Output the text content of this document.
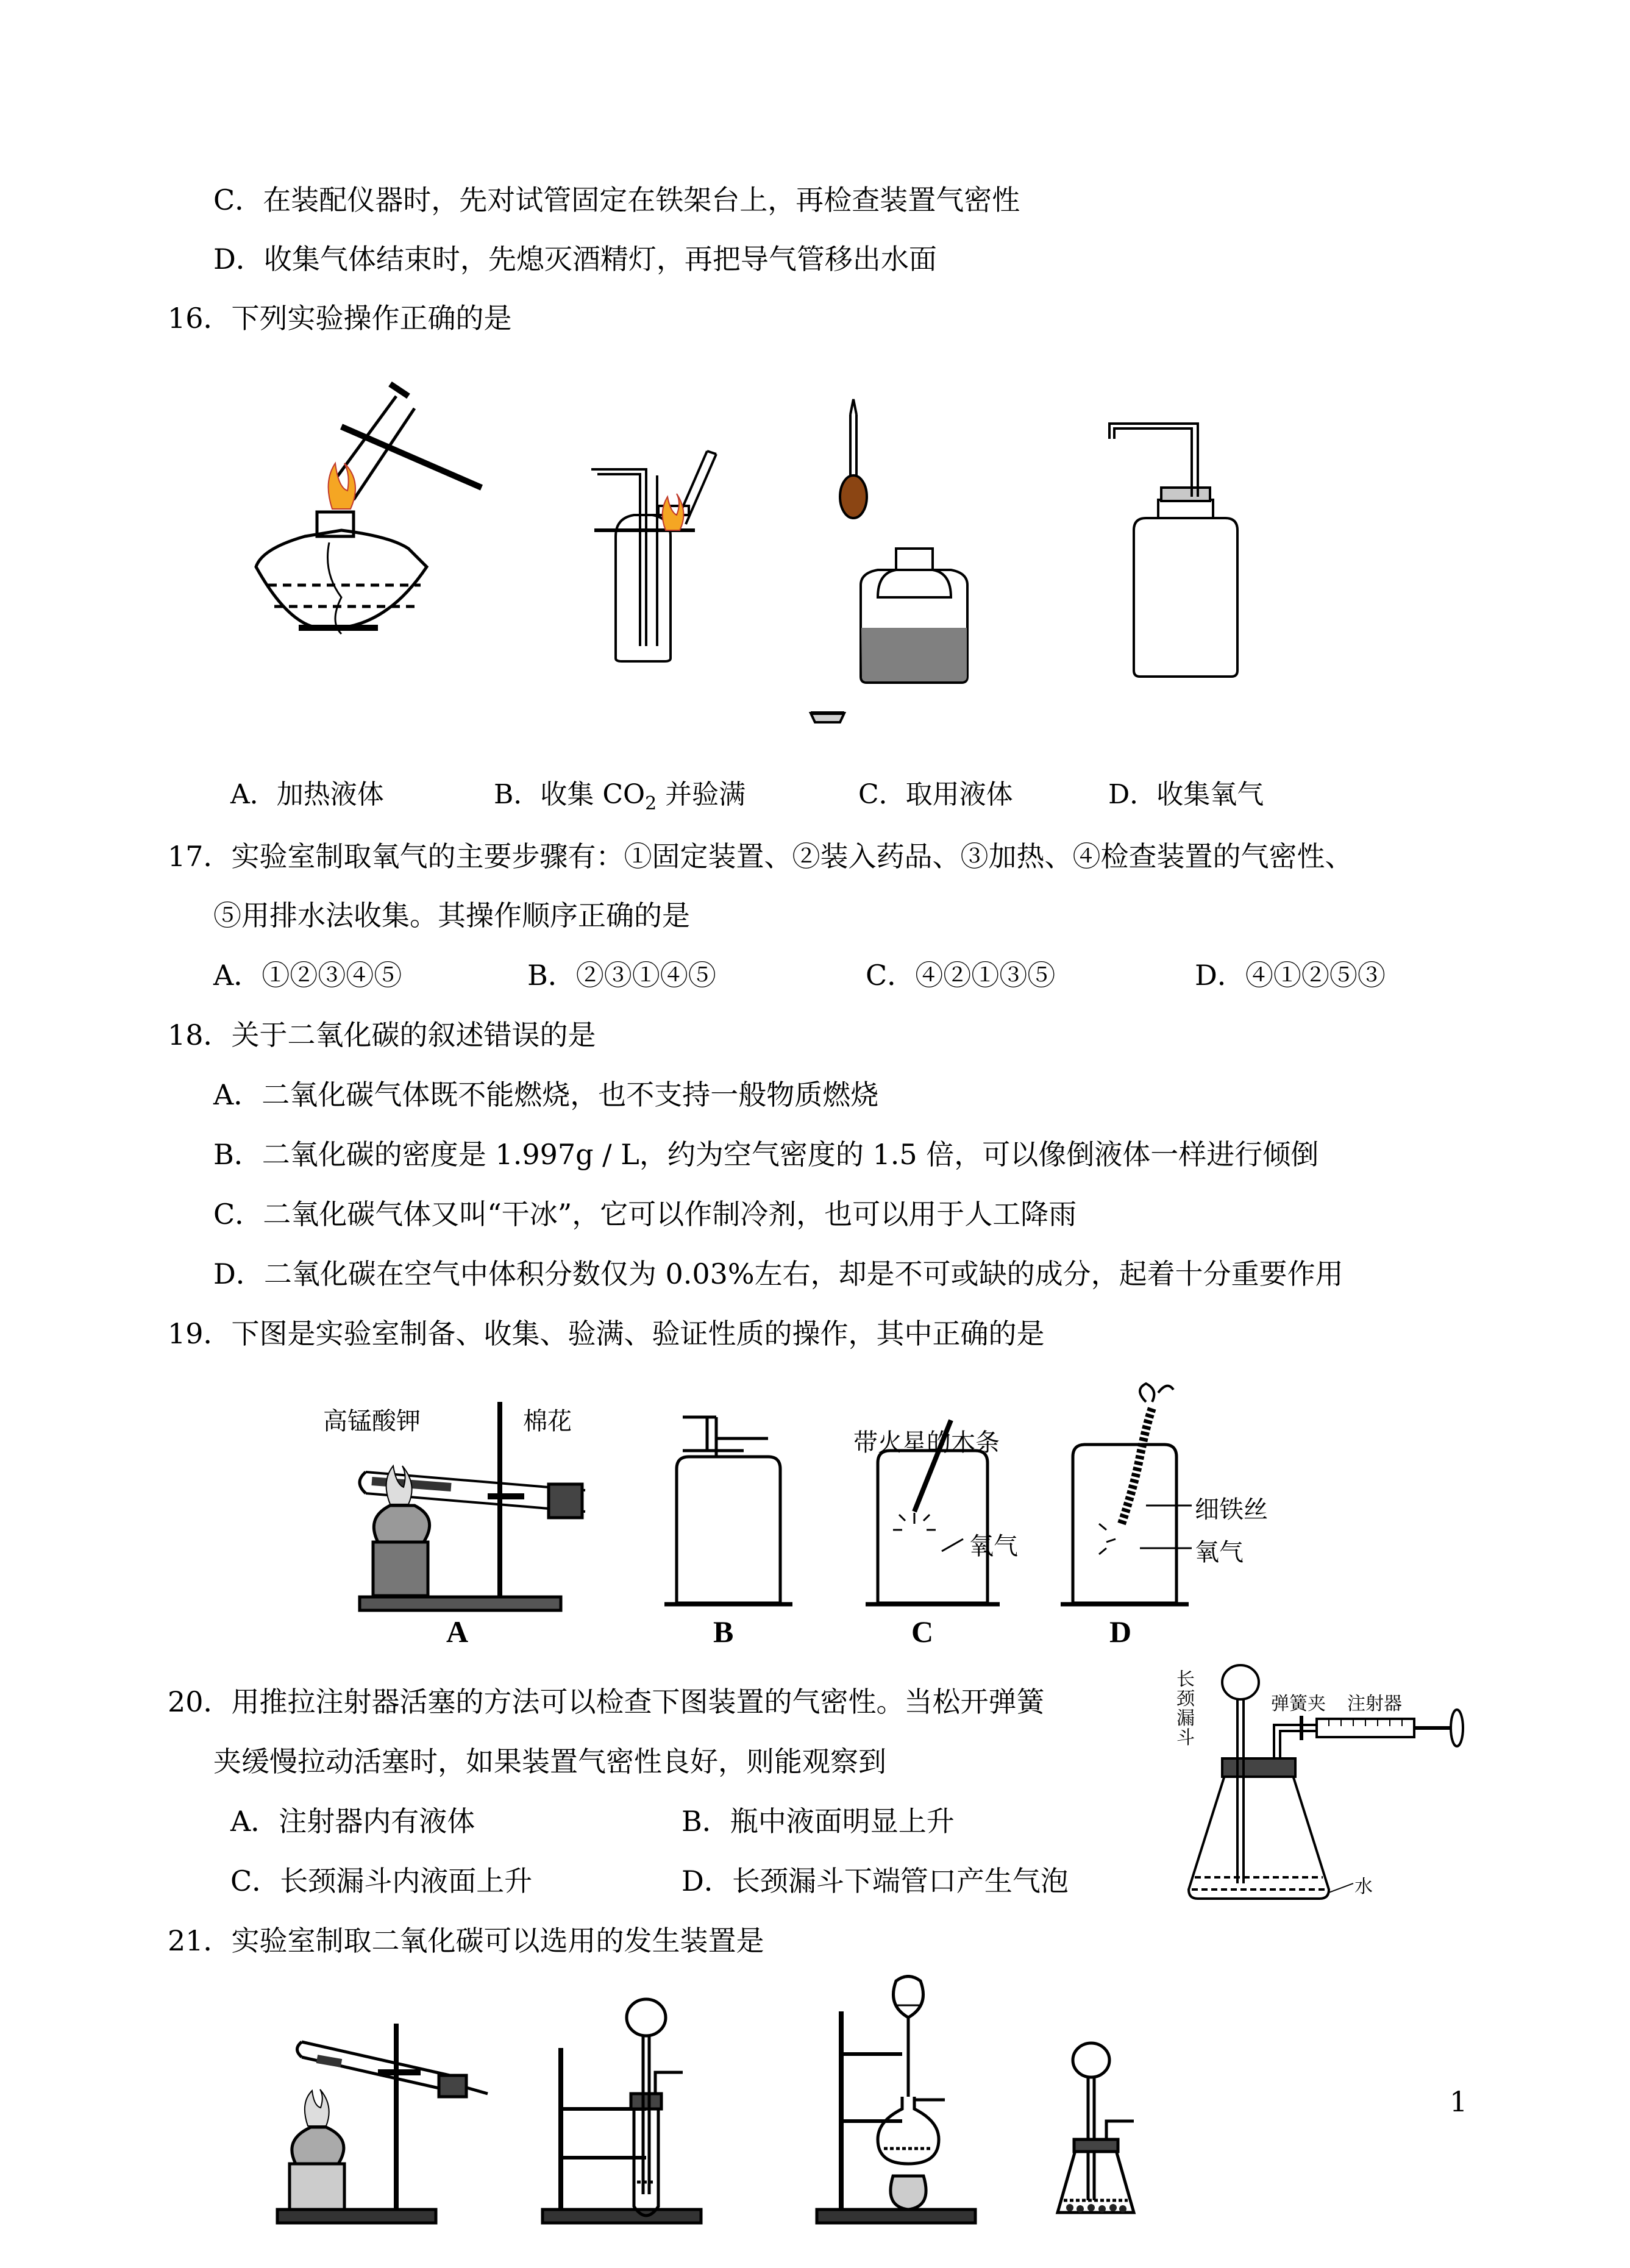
C．在装配仪器时，先对试管固定在铁架台上，再检查装置气密性
D．收集气体结束时，先熄灭酒精灯，再把导气管移出水面
16．下列实验操作正确的是
A．加热液体	B．收集 $CO_2$ 并验满	C．取用液体	D．收集氧气
17．实验室制取氧气的主要步骤有：①固定装置、②装入药品、③加热、④检查装置的气密性、
⑤用排水法收集。其操作顺序正确的是
A．①②③④⑤	B．②③①④⑤	C．④②①③⑤	D．④①②⑤③
18．关于二氧化碳的叙述错误的是
A．二氧化碳气体既不能燃烧，也不支持一般物质燃烧
B．二氧化碳的密度是 1.997g / L，约为空气密度的 1.5 倍，可以像倒液体一样进行倾倒
C．二氧化碳气体又叫“干冰”，它可以作制冷剂，也可以用于人工降雨
D．二氧化碳在空气中体积分数仅为 0.03%左右，却是不可或缺的成分，起着十分重要作用
19．下图是实验室制备、收集、验满、验证性质的操作，其中正确的是
高锰酸钾	棉花
带火星的木条
氧气
细铁丝
氧气
A	B	C	D
20．用推拉注射器活塞的方法可以检查下图装置的气密性。当松开弹簧
夹缓慢拉动活塞时，如果装置气密性良好，则能观察到
A．注射器内有液体	B．瓶中液面明显上升
C．长颈漏斗内液面上升	D．长颈漏斗下端管口产生气泡
长颈漏斗
弹簧夹 注射器
水
21．实验室制取二氧化碳可以选用的发生装置是
1
